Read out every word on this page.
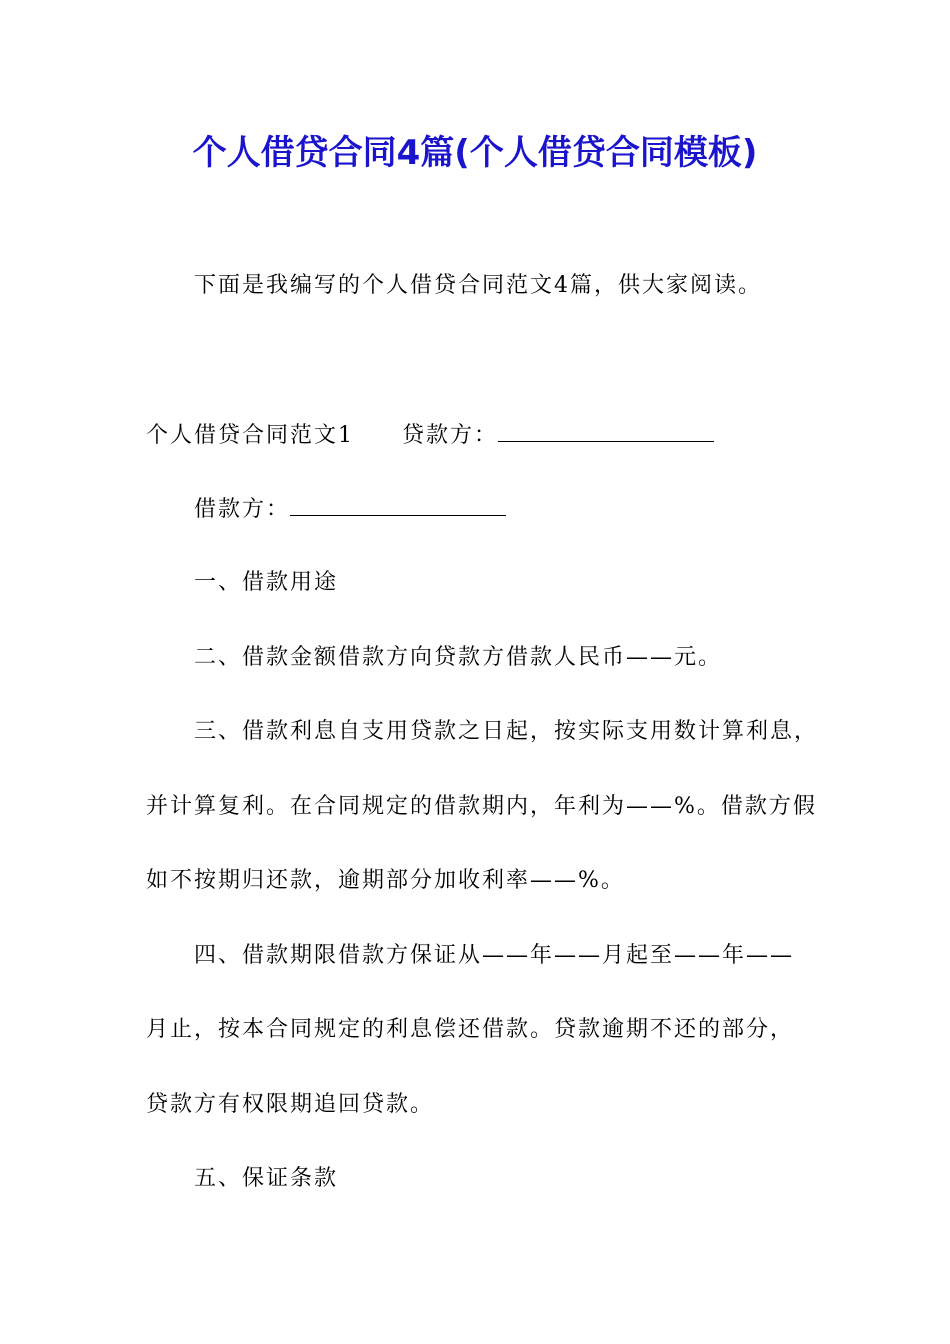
个人借贷合同4篇(个人借贷合同模板)
下面是我编写的个人借贷合同范文4篇，供大家阅读。
个人借贷合同范文1 贷款方：
借款方：
一、借款用途
二、借款金额借款方向贷款方借款人民币——元。
三、借款利息自支用贷款之日起，按实际支用数计算利息，
并计算复利。在合同规定的借款期内，年利为——%。借款方假
如不按期归还款，逾期部分加收利率——%。
四、借款期限借款方保证从——年——月起至——年——
月止，按本合同规定的利息偿还借款。贷款逾期不还的部分，
贷款方有权限期追回贷款。
五、保证条款
